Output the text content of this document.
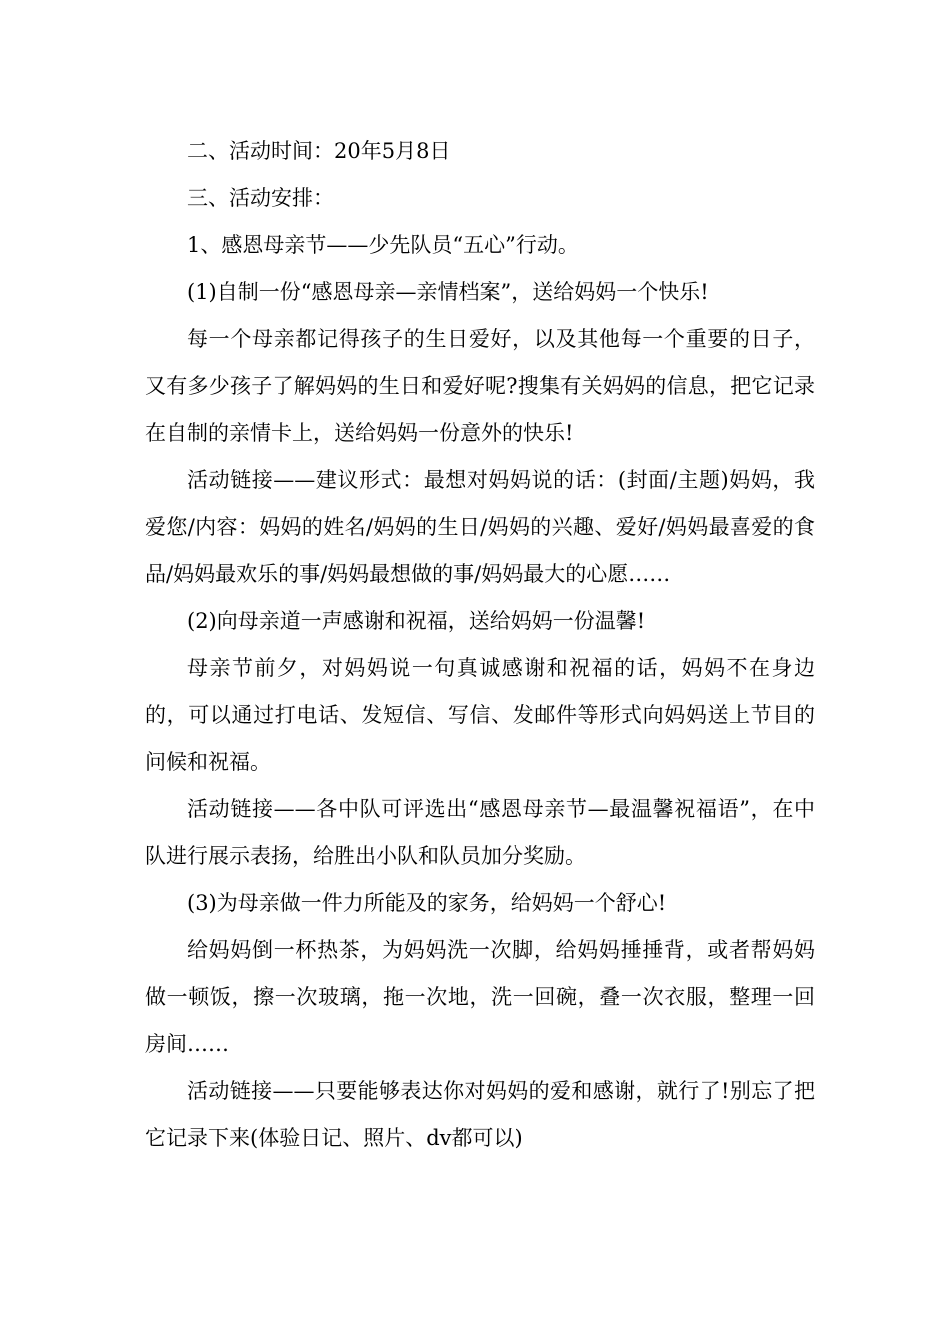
二、活动时间：20年5月8日

三、活动安排：

1、感恩母亲节——少先队员“五心”行动。

(1)自制一份“感恩母亲—亲情档案”，送给妈妈一个快乐!

每一个母亲都记得孩子的生日爱好，以及其他每一个重要的日子，又有多少孩子了解妈妈的生日和爱好呢?搜集有关妈妈的信息，把它记录在自制的亲情卡上，送给妈妈一份意外的快乐!

活动链接——建议形式：最想对妈妈说的话：(封面/主题)妈妈，我爱您/内容：妈妈的姓名/妈妈的生日/妈妈的兴趣、爱好/妈妈最喜爱的食品/妈妈最欢乐的事/妈妈最想做的事/妈妈最大的心愿……

(2)向母亲道一声感谢和祝福，送给妈妈一份温馨!

母亲节前夕，对妈妈说一句真诚感谢和祝福的话，妈妈不在身边的，可以通过打电话、发短信、写信、发邮件等形式向妈妈送上节目的问候和祝福。

活动链接——各中队可评选出“感恩母亲节—最温馨祝福语”，在中队进行展示表扬，给胜出小队和队员加分奖励。

(3)为母亲做一件力所能及的家务，给妈妈一个舒心!

给妈妈倒一杯热茶，为妈妈洗一次脚，给妈妈捶捶背，或者帮妈妈做一顿饭，擦一次玻璃，拖一次地，洗一回碗，叠一次衣服，整理一回房间……

活动链接——只要能够表达你对妈妈的爱和感谢，就行了!别忘了把它记录下来(体验日记、照片、dv都可以)
